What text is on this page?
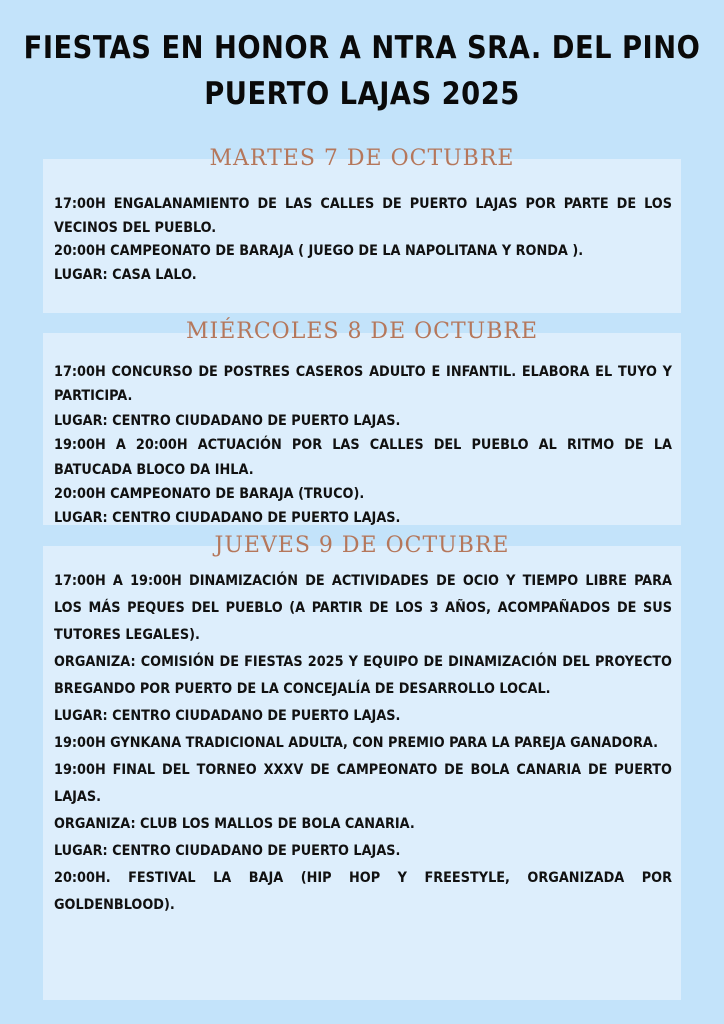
FIESTAS EN HONOR A NTRA SRA. DEL PINO
PUERTO LAJAS 2025
MARTES 7 DE OCTUBRE
MIÉRCOLES 8 DE OCTUBRE
JUEVES 9 DE OCTUBRE

17:00H ENGALANAMIENTO DE LAS CALLES DE PUERTO LAJAS POR PARTE DE LOS VECINOS DEL PUEBLO.

20:00H CAMPEONATO DE BARAJA ( JUEGO DE LA NAPOLITANA Y RONDA ).

LUGAR: CASA LALO.

17:00H CONCURSO DE POSTRES CASEROS ADULTO E INFANTIL. ELABORA EL TUYO Y PARTICIPA.

LUGAR: CENTRO CIUDADANO DE PUERTO LAJAS.

19:00H A 20:00H ACTUACIÓN POR LAS CALLES DEL PUEBLO AL RITMO DE LA BATUCADA BLOCO DA IHLA.

20:00H CAMPEONATO DE BARAJA (TRUCO).

LUGAR: CENTRO CIUDADANO DE PUERTO LAJAS.

17:00H A 19:00H DINAMIZACIÓN DE ACTIVIDADES DE OCIO Y TIEMPO LIBRE PARA LOS MÁS PEQUES DEL PUEBLO (A PARTIR DE LOS 3 AÑOS, ACOMPAÑADOS DE SUS TUTORES LEGALES).

ORGANIZA: COMISIÓN DE FIESTAS 2025 Y EQUIPO DE DINAMIZACIÓN DEL PROYECTO BREGANDO POR PUERTO DE LA CONCEJALÍA DE DESARROLLO LOCAL.

LUGAR: CENTRO CIUDADANO DE PUERTO LAJAS.

19:00H GYNKANA TRADICIONAL ADULTA, CON PREMIO PARA LA PAREJA GANADORA.

19:00H FINAL DEL TORNEO XXXV DE CAMPEONATO DE BOLA CANARIA DE PUERTO LAJAS.

ORGANIZA: CLUB LOS MALLOS DE BOLA CANARIA.

LUGAR: CENTRO CIUDADANO DE PUERTO LAJAS.

20:00H. FESTIVAL LA BAJA (HIP HOP Y FREESTYLE, ORGANIZADA POR GOLDENBLOOD).
